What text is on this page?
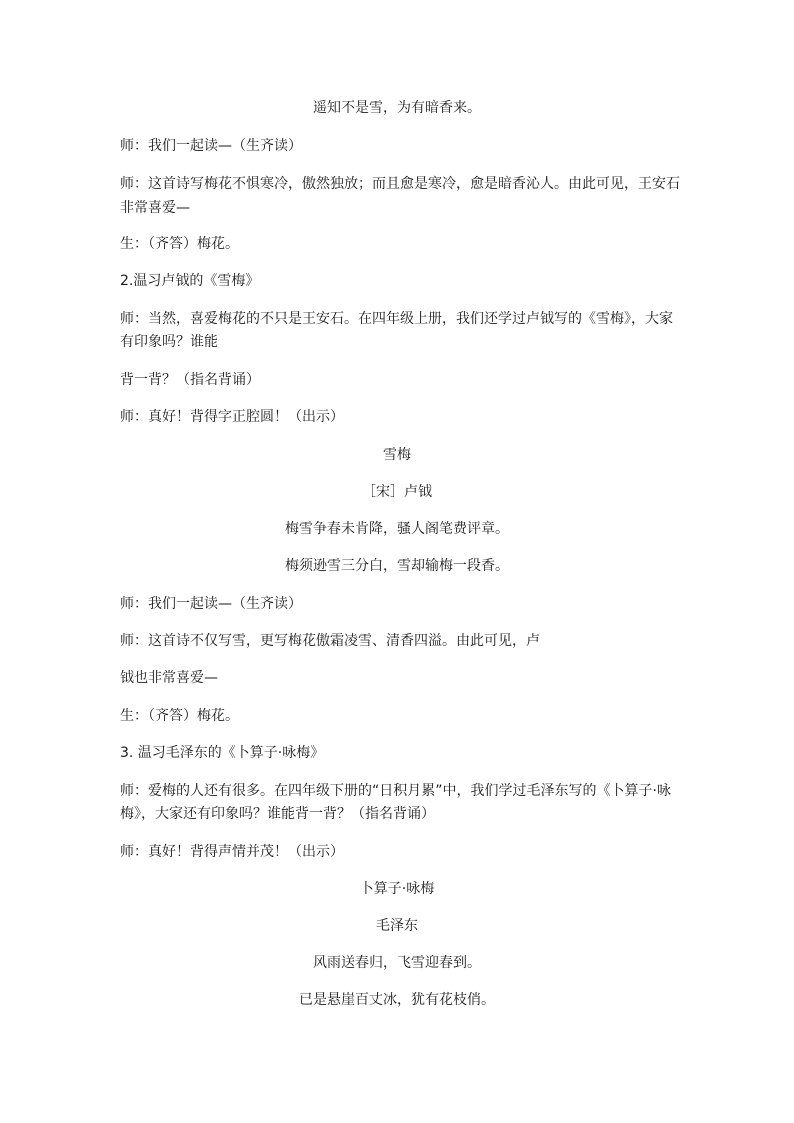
遥知不是雪，为有暗香来。
师：我们一起读—（生齐读）
师：这首诗写梅花不惧寒冷，傲然独放；而且愈是寒冷，愈是暗香沁人。由此可见，王安石
非常喜爱—
生：（齐答）梅花。
2.温习卢钺的《雪梅》
师：当然，喜爱梅花的不只是王安石。在四年级上册，我们还学过卢钺写的《雪梅》，大家
有印象吗？谁能
背一背？（指名背诵）
师：真好！背得字正腔圆！（出示）
雪梅
［宋］卢钺
梅雪争春未肯降，骚人阁笔费评章。
梅须逊雪三分白，雪却输梅一段香。
师：我们一起读—（生齐读）
师：这首诗不仅写雪，更写梅花傲霜凌雪、清香四溢。由此可见，卢
钺也非常喜爱—
生：（齐答）梅花。
3. 温习毛泽东的《卜算子·咏梅》
师：爱梅的人还有很多。在四年级下册的“日积月累”中，我们学过毛泽东写的《卜算子·咏
梅》，大家还有印象吗？谁能背一背？（指名背诵）
师：真好！背得声情并茂！（出示）
卜算子·咏梅
毛泽东
风雨送春归，飞雪迎春到。
已是悬崖百丈冰，犹有花枝俏。
